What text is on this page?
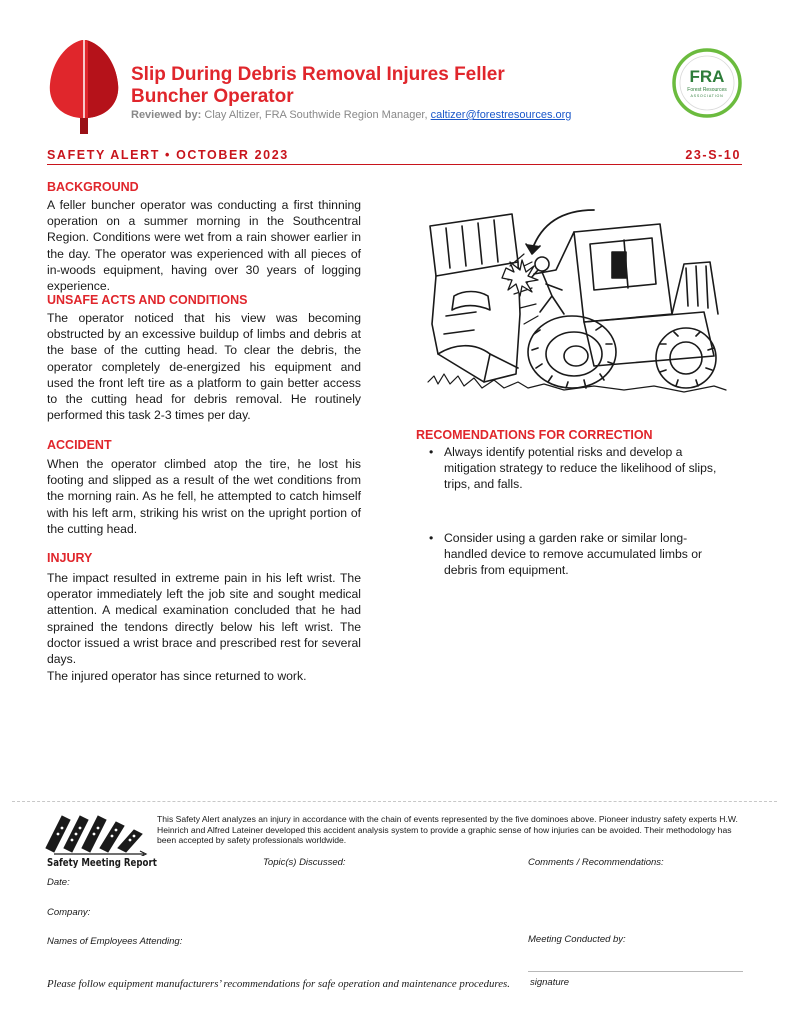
Slip During Debris Removal Injures Feller Buncher Operator
Reviewed by: Clay Altizer, FRA Southwide Region Manager, caltizer@forestresources.org
FRA
Forest Resources
ASSOCIATION
SAFETY ALERT • OCTOBER 2023	23-S-10
BACKGROUND
A feller buncher operator was conducting a first thinning operation on a summer morning in the Southcentral Region. Conditions were wet from a rain shower earlier in the day. The operator was experienced with all pieces of in-woods equipment, having over 30 years of logging experience.
UNSAFE ACTS AND CONDITIONS
The operator noticed that his view was becoming obstructed by an excessive buildup of limbs and debris at the base of the cutting head. To clear the debris, the operator completely de-energized his equipment and used the front left tire as a platform to gain better access to the cutting head for debris removal. He routinely performed this task 2-3 times per day.
ACCIDENT
When the operator climbed atop the tire, he lost his footing and slipped as a result of the wet conditions from the morning rain. As he fell, he attempted to catch himself with his left arm, striking his wrist on the upright portion of the cutting head.
INJURY
The impact resulted in extreme pain in his left wrist. The operator immediately left the job site and sought medical attention. A medical examination concluded that he had sprained the tendons directly below his left wrist. The doctor issued a wrist brace and prescribed rest for several days.
The injured operator has since returned to work.
RECOMENDATIONS FOR CORRECTION
• Always identify potential risks and develop a mitigation strategy to reduce the likelihood of slips, trips, and falls.
• Consider using a garden rake or similar long-handled device to remove accumulated limbs or debris from equipment.
This Safety Alert analyzes an injury in accordance with the chain of events represented by the five dominoes above. Pioneer industry safety experts H.W. Heinrich and Alfred Lateiner developed this accident analysis system to provide a graphic sense of how injuries can be avoided. Their methodology has been accepted by safety professionals worldwide.
Safety Meeting Report	Topic(s) Discussed:	Comments / Recommendations:
Date:
Company:
Names of Employees Attending:	Meeting Conducted by:
Please follow equipment manufacturers’ recommendations for safe operation and maintenance procedures. signature
